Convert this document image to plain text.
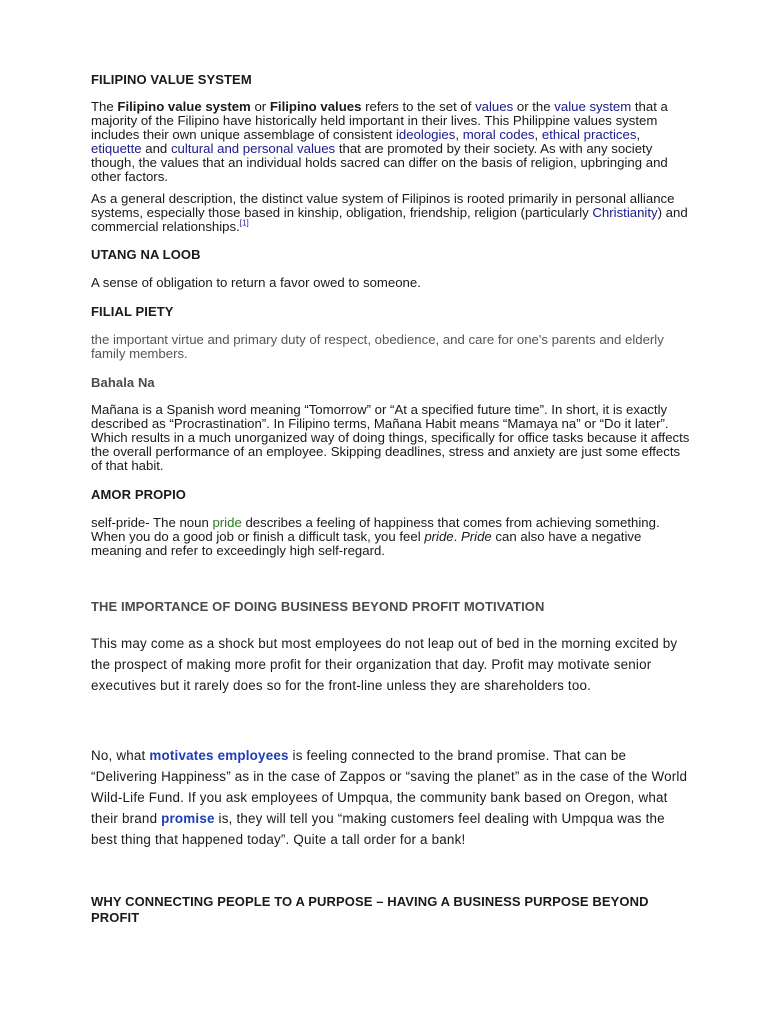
FILIPINO VALUE SYSTEM

The Filipino value system or Filipino values refers to the set of values or the value system that a majority of the Filipino have historically held important in their lives. This Philippine values system includes their own unique assemblage of consistent ideologies, moral codes, ethical practices, etiquette and cultural and personal values that are promoted by their society. As with any society though, the values that an individual holds sacred can differ on the basis of religion, upbringing and other factors.

As a general description, the distinct value system of Filipinos is rooted primarily in personal alliance systems, especially those based in kinship, obligation, friendship, religion (particularly Christianity) and commercial relationships.[1]

UTANG NA LOOB

A sense of obligation to return a favor owed to someone.

FILIAL PIETY

the important virtue and primary duty of respect, obedience, and care for one's parents and elderly family members.

Bahala Na

Mañana is a Spanish word meaning “Tomorrow” or “At a specified future time”. In short, it is exactly described as “Procrastination”. In Filipino terms, Mañana Habit means “Mamaya na” or “Do it later”. Which results in a much unorganized way of doing things, specifically for office tasks because it affects the overall performance of an employee. Skipping deadlines, stress and anxiety are just some effects of that habit.

AMOR PROPIO

self-pride- The noun pride describes a feeling of happiness that comes from achieving something. When you do a good job or finish a difficult task, you feel pride. Pride can also have a negative meaning and refer to exceedingly high self-regard.

THE IMPORTANCE OF DOING BUSINESS BEYOND PROFIT MOTIVATION

This may come as a shock but most employees do not leap out of bed in the morning excited by the prospect of making more profit for their organization that day. Profit may motivate senior executives but it rarely does so for the front-line unless they are shareholders too.

No, what motivates employees is feeling connected to the brand promise. That can be “Delivering Happiness” as in the case of Zappos or “saving the planet” as in the case of the World Wild-Life Fund. If you ask employees of Umpqua, the community bank based on Oregon, what their brand promise is, they will tell you “making customers feel dealing with Umpqua was the best thing that happened today”. Quite a tall order for a bank!

WHY CONNECTING PEOPLE TO A PURPOSE – HAVING A BUSINESS PURPOSE BEYOND PROFIT
